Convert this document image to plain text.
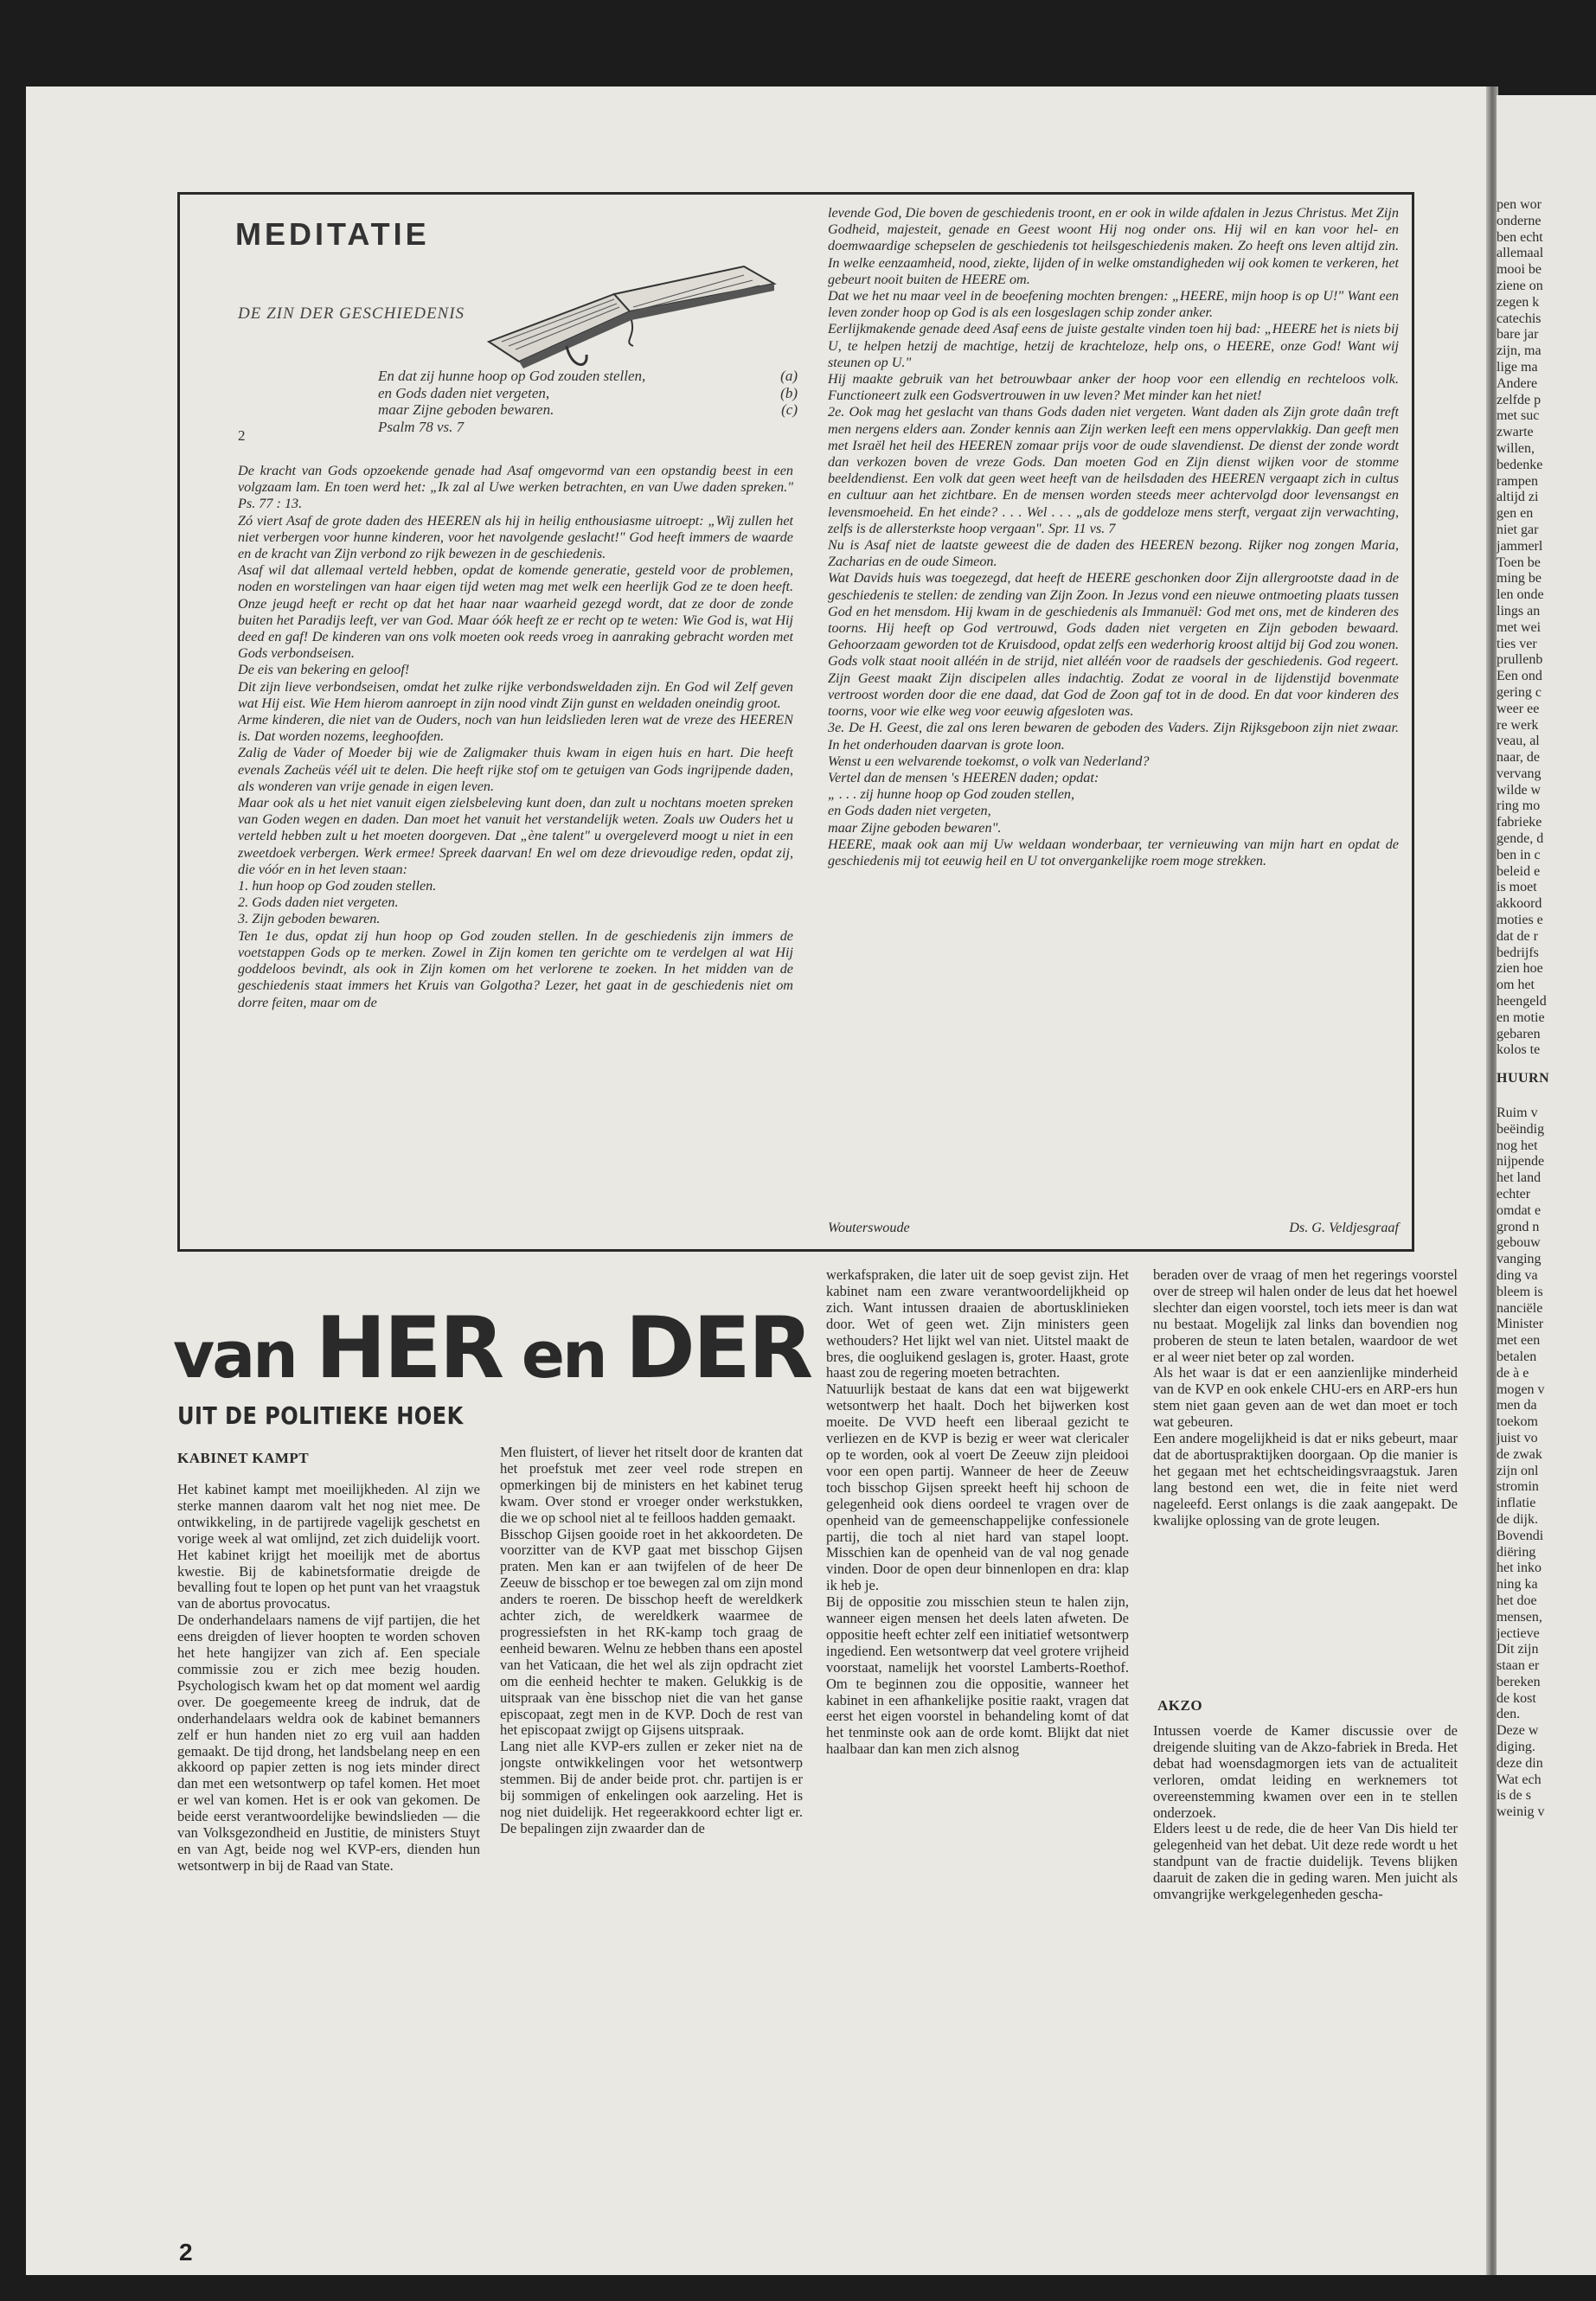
pen wor
onderne
ben echt
allemaal
mooi be
ziene on
zegen k
catechis
bare jar
zijn, ma
lige ma
Andere
zelfde p
met suc
zwarte
willen,
bedenke
rampen
altijd zi
gen en
niet gar
jammerl
Toen be
ming be
len onde
lings an
met wei
ties ver
prullenb
Een ond
gering c
weer ee
re werk
veau, al
naar, de
vervang
wilde w
ring mo
fabrieke
gende, d
ben in c
beleid e
is moet
akkoord
moties e
dat de r
bedrijfs
zien hoe
om het
heengeld
en motie
gebaren
kolos te
HUURN
Ruim v
beëindig
nog het
nijpende
het land
echter
omdat e
grond n
gebouw
vanging
ding va
bleem is
nanciële
Minister
met een
betalen
de à e
mogen v
men da
toekom
juist vo
de zwak
zijn onl
stromin
inflatie
de dijk.
Bovendi
diëring
het inko
ning ka
het doe
mensen,
jectieve
Dit zijn
staan er
bereken
de kost
den.
Deze w
diging.
deze din
Wat ech
is de s
weinig v
MEDITATIE
DE ZIN DER GESCHIEDENIS
En dat zij hunne hoop op God zouden stellen,	(a)
en Gods daden niet vergeten,	(b)
maar Zijne geboden bewaren.	(c)
Psalm 78 vs. 7
2

De kracht van Gods opzoekende genade had Asaf omgevormd van een opstandig beest in een volgzaam lam. En toen werd het: „Ik zal al Uwe werken betrachten, en van Uwe daden spreken." Ps. 77 : 13.

Zó viert Asaf de grote daden des HEEREN als hij in heilig enthousiasme uitroept: „Wij zullen het niet verbergen voor hunne kinderen, voor het navolgende geslacht!" God heeft immers de waarde en de kracht van Zijn verbond zo rijk bewezen in de geschiedenis.

Asaf wil dat allemaal verteld hebben, opdat de komende generatie, gesteld voor de problemen, noden en worstelingen van haar eigen tijd weten mag met welk een heerlijk God ze te doen heeft. Onze jeugd heeft er recht op dat het haar naar waarheid gezegd wordt, dat ze door de zonde buiten het Paradijs leeft, ver van God. Maar óók heeft ze er recht op te weten: Wie God is, wat Hij deed en gaf! De kinderen van ons volk moeten ook reeds vroeg in aanraking gebracht worden met Gods verbondseisen.

De eis van bekering en geloof!

Dit zijn lieve verbondseisen, omdat het zulke rijke verbondsweldaden zijn. En God wil Zelf geven wat Hij eist. Wie Hem hierom aanroept in zijn nood vindt Zijn gunst en weldaden oneindig groot.

Arme kinderen, die niet van de Ouders, noch van hun leidslieden leren wat de vreze des HEEREN is. Dat worden nozems, leeghoofden.

Zalig de Vader of Moeder bij wie de Zaligmaker thuis kwam in eigen huis en hart. Die heeft evenals Zacheüs véél uit te delen. Die heeft rijke stof om te getuigen van Gods ingrijpende daden, als wonderen van vrije genade in eigen leven.

Maar ook als u het niet vanuit eigen zielsbeleving kunt doen, dan zult u nochtans moeten spreken van Goden wegen en daden. Dan moet het vanuit het verstandelijk weten. Zoals uw Ouders het u verteld hebben zult u het moeten doorgeven. Dat „ène talent" u overgeleverd moogt u niet in een zweetdoek verbergen. Werk ermee! Spreek daarvan! En wel om deze drievoudige reden, opdat zij, die vóór en in het leven staan:

1. hun hoop op God zouden stellen.

2. Gods daden niet vergeten.

3. Zijn geboden bewaren.

Ten 1e dus, opdat zij hun hoop op God zouden stellen. In de geschiedenis zijn immers de voetstappen Gods op te merken. Zowel in Zijn komen ten gerichte om te verdelgen al wat Hij goddeloos bevindt, als ook in Zijn komen om het verlorene te zoeken. In het midden van de geschiedenis staat immers het Kruis van Golgotha? Lezer, het gaat in de geschiedenis niet om dorre feiten, maar om de

levende God, Die boven de geschiedenis troont, en er ook in wilde afdalen in Jezus Christus. Met Zijn Godheid, majesteit, genade en Geest woont Hij nog onder ons. Hij wil en kan voor hel- en doemwaardige schepselen de geschiedenis tot heilsgeschiedenis maken. Zo heeft ons leven altijd zin. In welke eenzaamheid, nood, ziekte, lijden of in welke omstandigheden wij ook komen te verkeren, het gebeurt nooit buiten de HEERE om.

Dat we het nu maar veel in de beoefening mochten brengen: „HEERE, mijn hoop is op U!" Want een leven zonder hoop op God is als een losgeslagen schip zonder anker.

Eerlijkmakende genade deed Asaf eens de juiste gestalte vinden toen hij bad: „HEERE het is niets bij U, te helpen hetzij de machtige, hetzij de krachteloze, help ons, o HEERE, onze God! Want wij steunen op U."

Hij maakte gebruik van het betrouwbaar anker der hoop voor een ellendig en rechteloos volk. Functioneert zulk een Godsvertrouwen in uw leven? Met minder kan het niet!

2e. Ook mag het geslacht van thans Gods daden niet vergeten. Want daden als Zijn grote daân treft men nergens elders aan. Zonder kennis aan Zijn werken leeft een mens oppervlakkig. Dan geeft men met Israël het heil des HEEREN zomaar prijs voor de oude slavendienst. De dienst der zonde wordt dan verkozen boven de vreze Gods. Dan moeten God en Zijn dienst wijken voor de stomme beeldendienst. Een volk dat geen weet heeft van de heilsdaden des HEEREN vergaapt zich in cultus en cultuur aan het zichtbare. En de mensen worden steeds meer achtervolgd door levensangst en levensmoeheid. En het einde? . . . Wel . . . „als de goddeloze mens sterft, vergaat zijn verwachting, zelfs is de allersterkste hoop vergaan". Spr. 11 vs. 7

Nu is Asaf niet de laatste geweest die de daden des HEEREN bezong. Rijker nog zongen Maria, Zacharias en de oude Simeon.

Wat Davids huis was toegezegd, dat heeft de HEERE geschonken door Zijn allergrootste daad in de geschiedenis te stellen: de zending van Zijn Zoon. In Jezus vond een nieuwe ontmoeting plaats tussen God en het mensdom. Hij kwam in de geschiedenis als Immanuël: God met ons, met de kinderen des toorns. Hij heeft op God vertrouwd, Gods daden niet vergeten en Zijn geboden bewaard. Gehoorzaam geworden tot de Kruisdood, opdat zelfs een wederhorig kroost altijd bij God zou wonen. Gods volk staat nooit alléén in de strijd, niet alléén voor de raadsels der geschiedenis. God regeert. Zijn Geest maakt Zijn discipelen alles indachtig. Zodat ze vooral in de lijdenstijd bovenmate vertroost worden door die ene daad, dat God de Zoon gaf tot in de dood. En dat voor kinderen des toorns, voor wie elke weg voor eeuwig afgesloten was.

3e. De H. Geest, die zal ons leren bewaren de geboden des Vaders. Zijn Rijksgeboon zijn niet zwaar. In het onderhouden daarvan is grote loon.

Wenst u een welvarende toekomst, o volk van Nederland?

Vertel dan de mensen 's HEEREN daden; opdat:

„ . . . zij hunne hoop op God zouden stellen,

en Gods daden niet vergeten,

maar Zijne geboden bewaren".

HEERE, maak ook aan mij Uw weldaan wonderbaar, ter vernieuwing van mijn hart en opdat de geschiedenis mij tot eeuwig heil en U tot onvergankelijke roem moge strekken.

Wouterswoude	Ds. G. Veldjesgraaf
van HER en DER
UIT DE POLITIEKE HOEK
KABINET KAMPT

Het kabinet kampt met moeilijkheden. Al zijn we sterke mannen daarom valt het nog niet mee. De ontwikkeling, in de partijrede vagelijk geschetst en vorige week al wat omlijnd, zet zich duidelijk voort. Het kabinet krijgt het moeilijk met de abortus kwestie. Bij de kabinetsformatie dreigde de bevalling fout te lopen op het punt van het vraagstuk van de abortus provocatus.

De onderhandelaars namens de vijf partijen, die het eens dreigden of liever hoopten te worden schoven het hete hangijzer van zich af. Een speciale commissie zou er zich mee bezig houden. Psychologisch kwam het op dat moment wel aardig over. De goegemeente kreeg de indruk, dat de onderhandelaars weldra ook de kabinet bemanners zelf er hun handen niet zo erg vuil aan hadden gemaakt. De tijd drong, het landsbelang neep en een akkoord op papier zetten is nog iets minder direct dan met een wetsontwerp op tafel komen. Het moet er wel van komen. Het is er ook van gekomen. De beide eerst verantwoordelijke bewindslieden — die van Volksgezondheid en Justitie, de ministers Stuyt en van Agt, beide nog wel KVP-ers, dienden hun wetsontwerp in bij de Raad van State.

Men fluistert, of liever het ritselt door de kranten dat het proefstuk met zeer veel rode strepen en opmerkingen bij de ministers en het kabinet terug kwam. Over stond er vroeger onder werkstukken, die we op school niet al te feilloos hadden gemaakt.

Bisschop Gijsen gooide roet in het akkoordeten. De voorzitter van de KVP gaat met bisschop Gijsen praten. Men kan er aan twijfelen of de heer De Zeeuw de bisschop er toe bewegen zal om zijn mond anders te roeren. De bisschop heeft de wereldkerk achter zich, de wereldkerk waarmee de progressiefsten in het RK-kamp toch graag de eenheid bewaren. Welnu ze hebben thans een apostel van het Vaticaan, die het wel als zijn opdracht ziet om die eenheid hechter te maken. Gelukkig is de uitspraak van ène bisschop niet die van het ganse episcopaat, zegt men in de KVP. Doch de rest van het episcopaat zwijgt op Gijsens uitspraak.

Lang niet alle KVP-ers zullen er zeker niet na de jongste ontwikkelingen voor het wetsontwerp stemmen. Bij de ander beide prot. chr. partijen is er bij sommigen of enkelingen ook aarzeling. Het is nog niet duidelijk. Het regeerakkoord echter ligt er. De bepalingen zijn zwaarder dan de

werkafspraken, die later uit de soep gevist zijn. Het kabinet nam een zware verantwoordelijkheid op zich. Want intussen draaien de abortusklinieken door. Wet of geen wet. Zijn ministers geen wethouders? Het lijkt wel van niet. Uitstel maakt de bres, die oogluikend geslagen is, groter. Haast, grote haast zou de regering moeten betrachten.

Natuurlijk bestaat de kans dat een wat bijgewerkt wetsontwerp het haalt. Doch het bijwerken kost moeite. De VVD heeft een liberaal gezicht te verliezen en de KVP is bezig er weer wat clericaler op te worden, ook al voert De Zeeuw zijn pleidooi voor een open partij. Wanneer de heer de Zeeuw toch bisschop Gijsen spreekt heeft hij schoon de gelegenheid ook diens oordeel te vragen over de openheid van de gemeenschappelijke confessionele partij, die toch al niet hard van stapel loopt. Misschien kan de openheid van de val nog genade vinden. Door de open deur binnenlopen en dra: klap ik heb je.

Bij de oppositie zou misschien steun te halen zijn, wanneer eigen mensen het deels laten afweten. De oppositie heeft echter zelf een initiatief wetsontwerp ingediend. Een wetsontwerp dat veel grotere vrijheid voorstaat, namelijk het voorstel Lamberts-Roethof. Om te beginnen zou die oppositie, wanneer het kabinet in een afhankelijke positie raakt, vragen dat eerst het eigen voorstel in behandeling komt of dat het tenminste ook aan de orde komt. Blijkt dat niet haalbaar dan kan men zich alsnog

beraden over de vraag of men het regerings voorstel over de streep wil halen onder de leus dat het hoewel slechter dan eigen voorstel, toch iets meer is dan wat nu bestaat. Mogelijk zal links dan bovendien nog proberen de steun te laten betalen, waardoor de wet er al weer niet beter op zal worden.

Als het waar is dat er een aanzienlijke minderheid van de KVP en ook enkele CHU-ers en ARP-ers hun stem niet gaan geven aan de wet dan moet er toch wat gebeuren.

Een andere mogelijkheid is dat er niks gebeurt, maar dat de abortuspraktijken doorgaan. Op die manier is het gegaan met het echtscheidingsvraagstuk. Jaren lang bestond een wet, die in feite niet werd nageleefd. Eerst onlangs is die zaak aangepakt. De kwalijke oplossing van de grote leugen.

AKZO

Intussen voerde de Kamer discussie over de dreigende sluiting van de Akzo-fabriek in Breda. Het debat had woensdagmorgen iets van de actualiteit verloren, omdat leiding en werknemers tot overeenstemming kwamen over een in te stellen onderzoek.

Elders leest u de rede, die de heer Van Dis hield ter gelegenheid van het debat. Uit deze rede wordt u het standpunt van de fractie duidelijk. Tevens blijken daaruit de zaken die in geding waren. Men juicht als omvangrijke werkgelegenheden gescha-

2
